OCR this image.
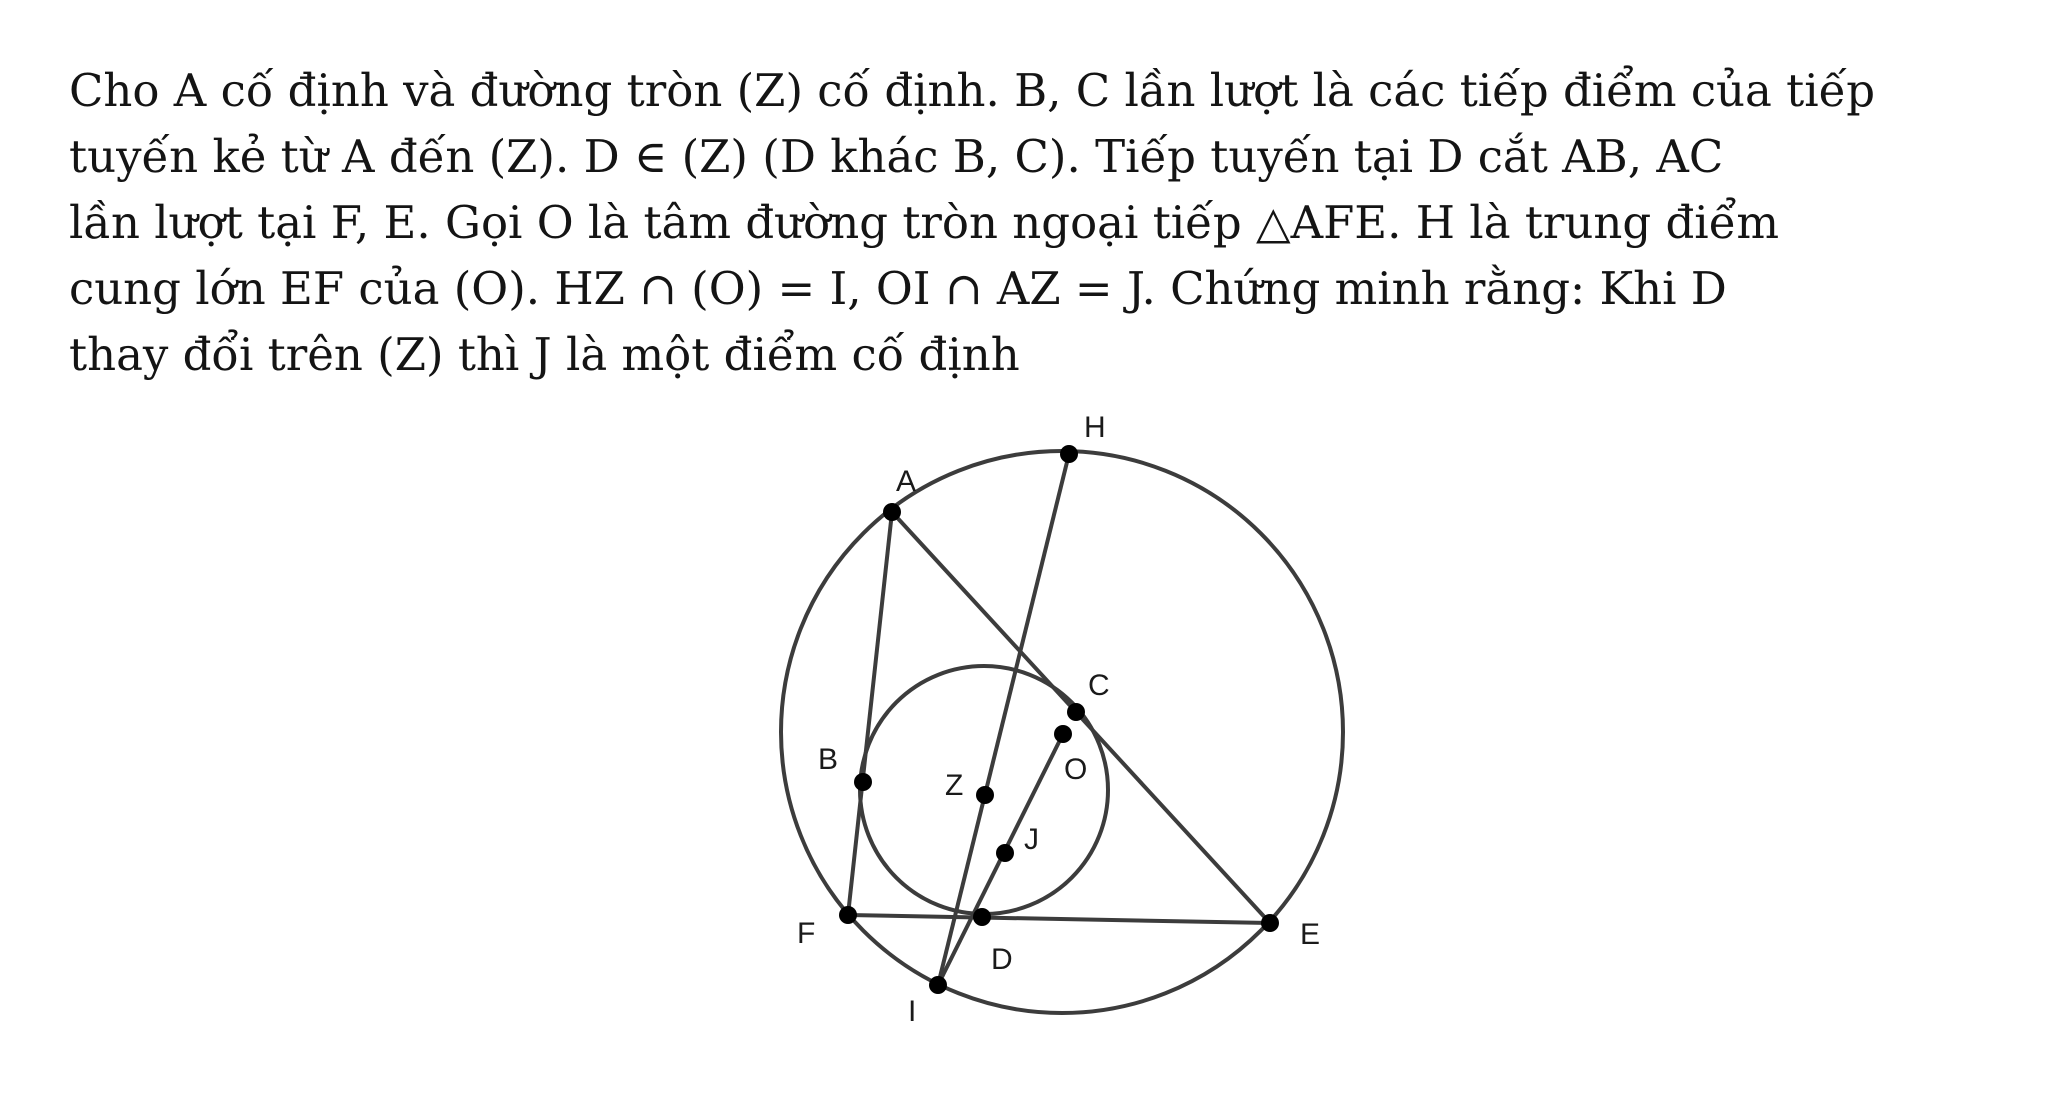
Cho A cố định và đường tròn (Z) cố định. B, C lần lượt là các tiếp điểm của tiếp
tuyến kẻ từ A đến (Z). D ∈ (Z) (D khác B, C). Tiếp tuyến tại D cắt AB, AC
lần lượt tại F, E. Gọi O là tâm đường tròn ngoại tiếp △AFE. H là trung điểm
cung lớn EF của (O). HZ ∩ (O) = I, OI ∩ AZ = J. Chứng minh rằng: Khi D
thay đổi trên (Z) thì J là một điểm cố định
H
A
C
O
B
Z
J
F
D
E
I
